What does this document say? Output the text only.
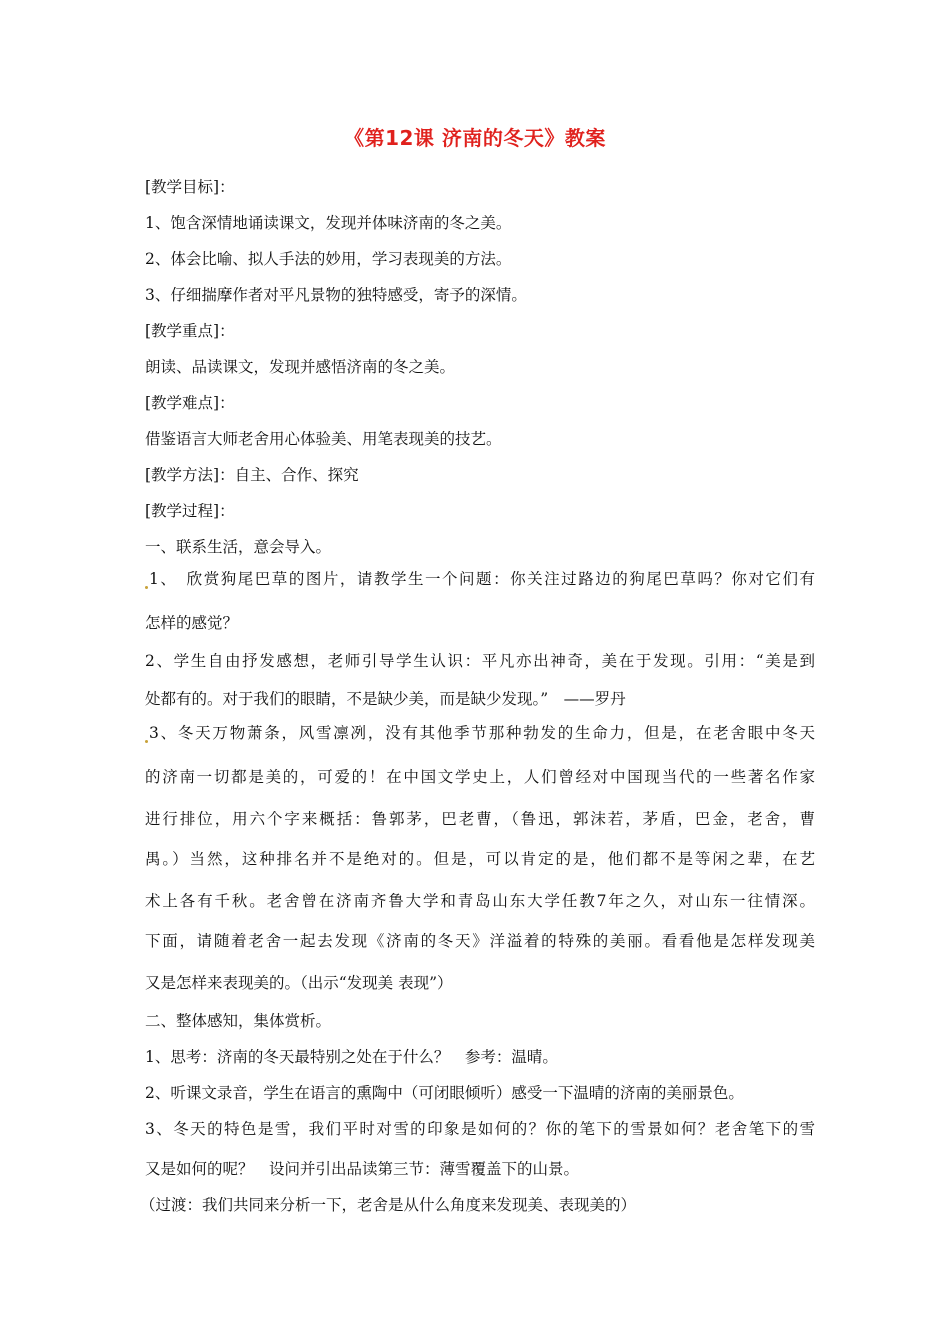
《第12课 济南的冬天》教案
[教学目标]：
1、饱含深情地诵读课文，发现并体味济南的冬之美。
2、体会比喻、拟人手法的妙用，学习表现美的方法。
3、仔细揣摩作者对平凡景物的独特感受，寄予的深情。
[教学重点]：
朗读、品读课文，发现并感悟济南的冬之美。
[教学难点]：
借鉴语言大师老舍用心体验美、用笔表现美的技艺。
[教学方法]：自主、合作、探究
[教学过程]：
一、联系生活，意会导入。
1、　欣赏狗尾巴草的图片，请教学生一个问题：你关注过路边的狗尾巴草吗？你对它们有
怎样的感觉？
2、学生自由抒发感想，老师引导学生认识：平凡亦出神奇，美在于发现。引用：“美是到
处都有的。对于我们的眼睛，不是缺少美，而是缺少发现。”　——罗丹
3、冬天万物萧条，风雪凛冽，没有其他季节那种勃发的生命力，但是，在老舍眼中冬天
的济南一切都是美的，可爱的！在中国文学史上，人们曾经对中国现当代的一些著名作家
进行排位，用六个字来概括：鲁郭茅，巴老曹，（鲁迅，郭沫若，茅盾，巴金，老舍，曹
禺。）当然，这种排名并不是绝对的。但是，可以肯定的是，他们都不是等闲之辈，在艺
术上各有千秋。老舍曾在济南齐鲁大学和青岛山东大学任教7年之久，对山东一往情深。
下面，请随着老舍一起去发现《济南的冬天》洋溢着的特殊的美丽。看看他是怎样发现美
又是怎样来表现美的。（出示“发现美 表现”）
二、整体感知，集体赏析。
1、思考：济南的冬天最特别之处在于什么？　参考：温晴。
2、听课文录音，学生在语言的熏陶中（可闭眼倾听）感受一下温晴的济南的美丽景色。
3、冬天的特色是雪，我们平时对雪的印象是如何的？你的笔下的雪景如何？老舍笔下的雪
又是如何的呢？　设问并引出品读第三节：薄雪覆盖下的山景。
（过渡：我们共同来分析一下，老舍是从什么角度来发现美、表现美的）
